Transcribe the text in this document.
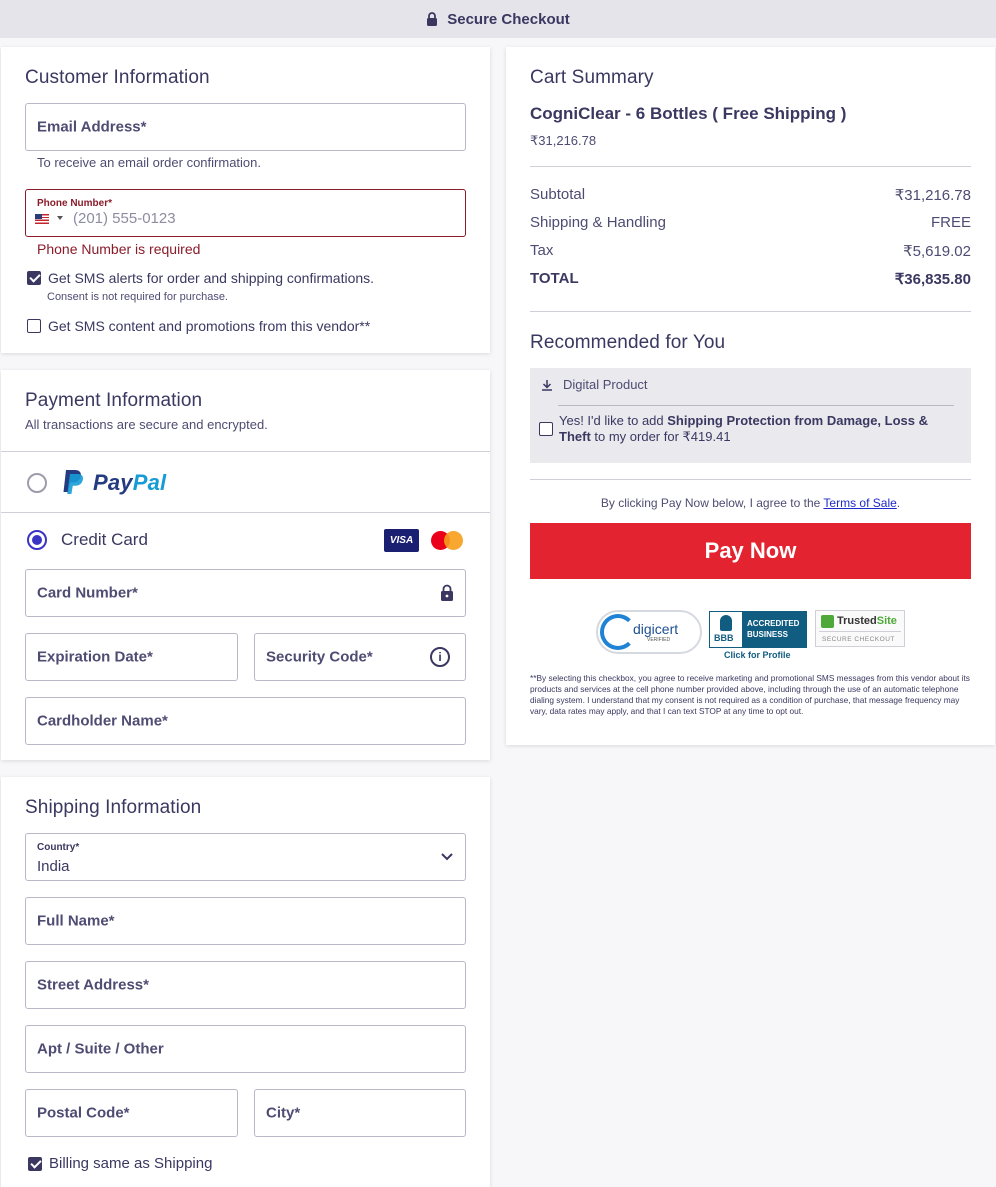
Secure Checkout
Customer Information
Email Address*
To receive an email order confirmation.
Phone Number*
(201) 555-0123
Phone Number is required
Get SMS alerts for order and shipping confirmations.
Consent is not required for purchase.
Get SMS content and promotions from this vendor**
Payment Information
All transactions are secure and encrypted.
PayPal
Credit Card	VISA
Card Number*
Expiration Date*	Security Code*	i
Cardholder Name*
Shipping Information
Country*
India
Full Name*
Street Address*
Apt / Suite / Other
Postal Code*	City*
Billing same as Shipping
Cart Summary
CogniClear - 6 Bottles ( Free Shipping )
₹31,216.78
Subtotal	₹31,216.78
Shipping & Handling	FREE
Tax	₹5,619.02
TOTAL	₹36,835.80
Recommended for You
Digital Product
Yes! I'd like to add Shipping Protection from Damage, Loss & Theft to my order for ₹419.41
By clicking Pay Now below, I agree to the Terms of Sale.
Pay Now
digicert
VERIFIED	BBB
ACCREDITED
BUSINESS
Click for Profile
TrustedSite
SECURE CHECKOUT
**By selecting this checkbox, you agree to receive marketing and promotional SMS messages from this vendor about its products and services at the cell phone number provided above, including through the use of an automatic telephone dialing system. I understand that my consent is not required as a condition of purchase, that message frequency may vary, data rates may apply, and that I can text STOP at any time to opt out.
